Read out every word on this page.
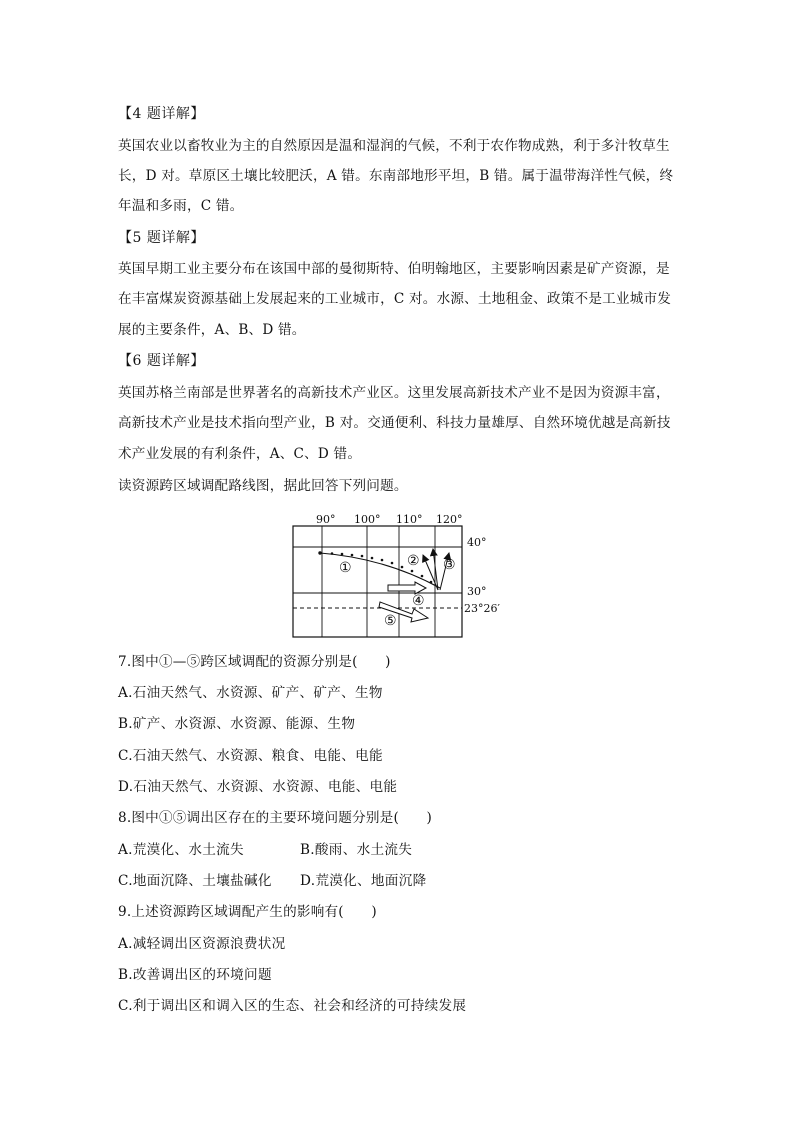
【4 题详解】
英国农业以畜牧业为主的自然原因是温和湿润的气候，不利于农作物成熟，利于多汁牧草生
长，D 对。草原区土壤比较肥沃，A 错。东南部地形平坦，B 错。属于温带海洋性气候，终
年温和多雨，C 错。
【5 题详解】
英国早期工业主要分布在该国中部的曼彻斯特、伯明翰地区，主要影响因素是矿产资源，是
在丰富煤炭资源基础上发展起来的工业城市，C 对。水源、土地租金、政策不是工业城市发
展的主要条件，A、B、D 错。
【6 题详解】
英国苏格兰南部是世界著名的高新技术产业区。这里发展高新技术产业不是因为资源丰富，
高新技术产业是技术指向型产业，B 对。交通便利、科技力量雄厚、自然环境优越是高新技
术产业发展的有利条件，A、C、D 错。
读资源跨区域调配路线图，据此回答下列问题。
90° 100° 110° 120°
40°
30°
23°26′
①	② ③
④
⑤
7.图中①—⑤跨区域调配的资源分别是(　　)
A.石油天然气、水资源、矿产、矿产、生物
B.矿产、水资源、水资源、能源、生物
C.石油天然气、水资源、粮食、电能、电能
D.石油天然气、水资源、水资源、电能、电能
8.图中①⑤调出区存在的主要环境问题分别是(　　)
A.荒漠化、水土流失	B.酸雨、水土流失
C.地面沉降、土壤盐碱化 D.荒漠化、地面沉降
9.上述资源跨区域调配产生的影响有(　　)
A.减轻调出区资源浪费状况
B.改善调出区的环境问题
C.利于调出区和调入区的生态、社会和经济的可持续发展
